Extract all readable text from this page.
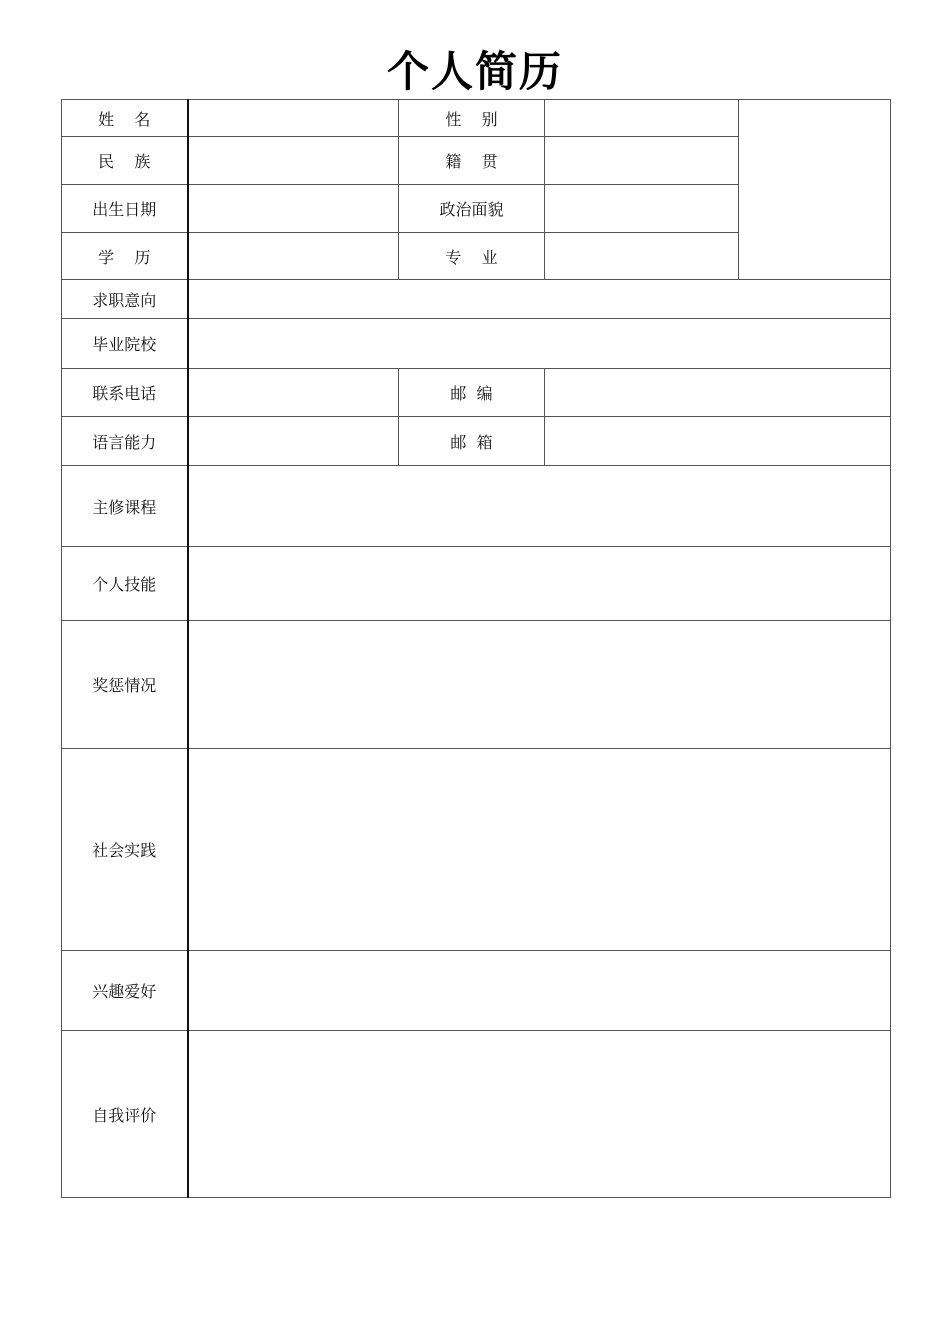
个人简历
姓    名		性    别		
民    族		籍    贯		
出生日期		政治面貌		
学    历		专    业		
求职意向				
毕业院校				
联系电话		邮  编		
语言能力		邮  箱		
主修课程				
个人技能				
奖惩情况				
社会实践				
兴趣爱好				
自我评价				
